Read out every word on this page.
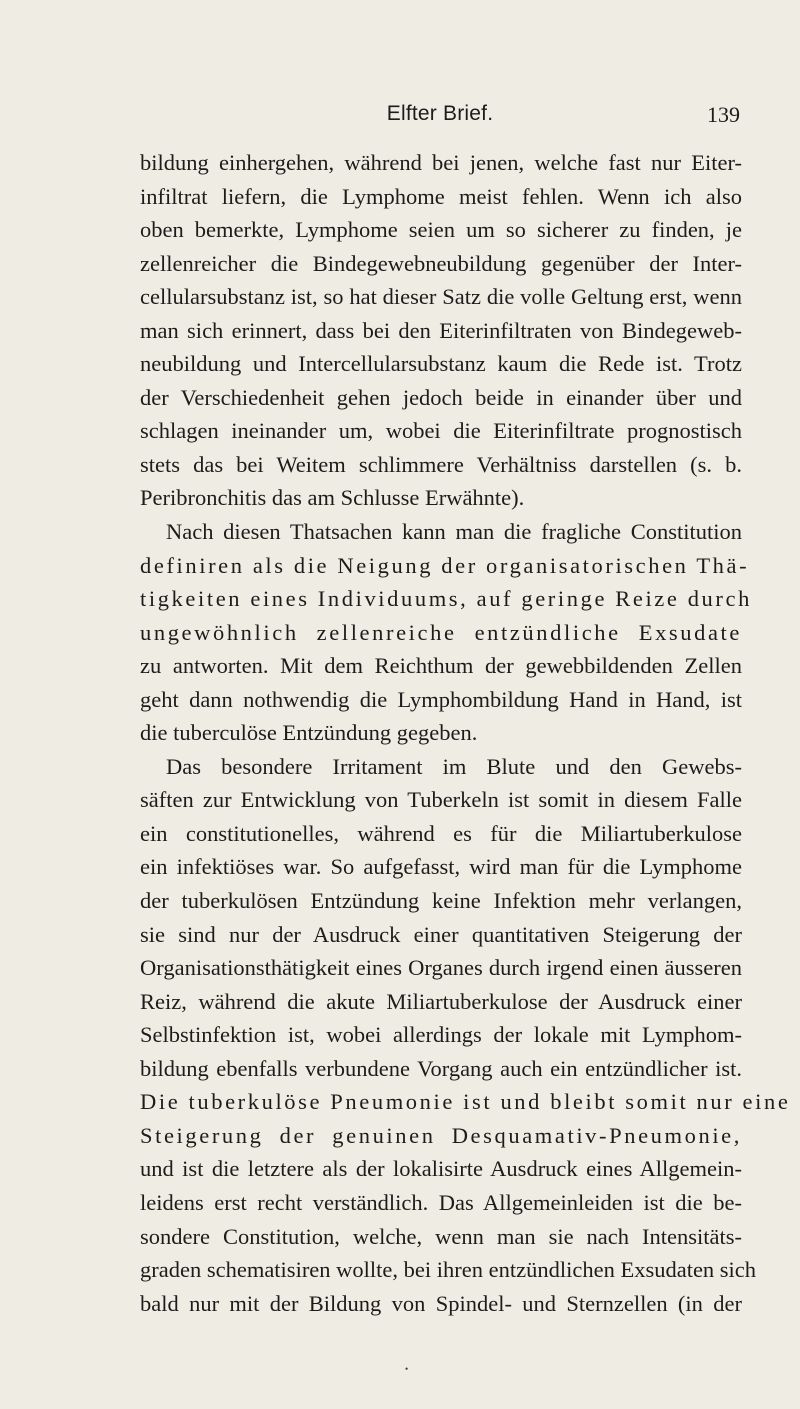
Elfter Brief.	139
bildung einhergehen, während bei jenen, welche fast nur Eiter-
infiltrat liefern, die Lymphome meist fehlen. Wenn ich also
oben bemerkte, Lymphome seien um so sicherer zu finden, je
zellenreicher die Bindegewebneubildung gegenüber der Inter-
cellularsubstanz ist, so hat dieser Satz die volle Geltung erst, wenn
man sich erinnert, dass bei den Eiterinfiltraten von Bindegeweb-
neubildung und Intercellularsubstanz kaum die Rede ist. Trotz
der Verschiedenheit gehen jedoch beide in einander über und
schlagen ineinander um, wobei die Eiterinfiltrate prognostisch
stets das bei Weitem schlimmere Verhältniss darstellen (s. b.
Peribronchitis das am Schlusse Erwähnte).
Nach diesen Thatsachen kann man die fragliche Constitution
definiren als die Neigung der organisatorischen Thä-
tigkeiten eines Individuums, auf geringe Reize durch
ungewöhnlich zellenreiche entzündliche Exsudate
zu antworten. Mit dem Reichthum der gewebbildenden Zellen
geht dann nothwendig die Lymphombildung Hand in Hand, ist
die tuberculöse Entzündung gegeben.
Das besondere Irritament im Blute und den Gewebs-
säften zur Entwicklung von Tuberkeln ist somit in diesem Falle
ein constitutionelles, während es für die Miliartuberkulose
ein infektiöses war. So aufgefasst, wird man für die Lymphome
der tuberkulösen Entzündung keine Infektion mehr verlangen,
sie sind nur der Ausdruck einer quantitativen Steigerung der
Organisationsthätigkeit eines Organes durch irgend einen äusseren
Reiz, während die akute Miliartuberkulose der Ausdruck einer
Selbstinfektion ist, wobei allerdings der lokale mit Lymphom-
bildung ebenfalls verbundene Vorgang auch ein entzündlicher ist.
Die tuberkulöse Pneumonie ist und bleibt somit nur eine
Steigerung der genuinen Desquamativ-Pneumonie,
und ist die letztere als der lokalisirte Ausdruck eines Allgemein-
leidens erst recht verständlich. Das Allgemeinleiden ist die be-
sondere Constitution, welche, wenn man sie nach Intensitäts-
graden schematisiren wollte, bei ihren entzündlichen Exsudaten sich
bald nur mit der Bildung von Spindel- und Sternzellen (in der
•
